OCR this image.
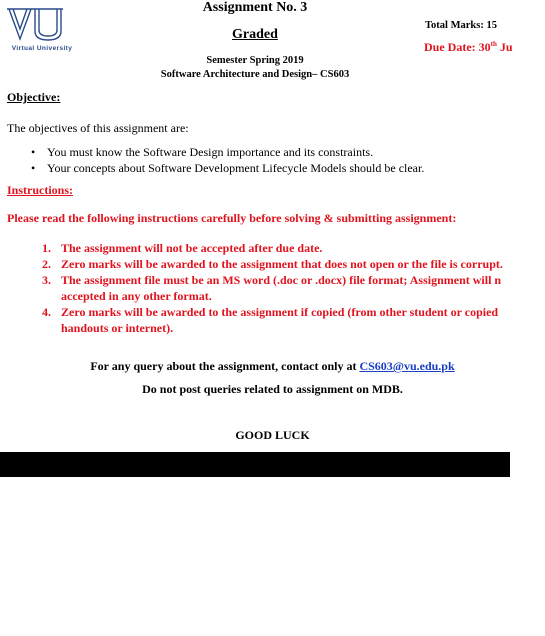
Virtual University
Assignment No. 3
Graded
Total Marks: 15
Due Date: 30th Ju
Semester Spring 2019
Software Architecture and Design– CS603
Objective:
The objectives of this assignment are:
• You must know the Software Design importance and its constraints.
• Your concepts about Software Development Lifecycle Models should be clear.
Instructions:
Please read the following instructions carefully before solving & submitting assignment:
1. The assignment will not be accepted after due date.
2. Zero marks will be awarded to the assignment that does not open or the file is corrupt.
3. The assignment file must be an MS word (.doc or .docx) file format; Assignment will n
accepted in any other format.
4. Zero marks will be awarded to the assignment if copied (from other student or copied
handouts or internet).
For any query about the assignment, contact only at CS603@vu.edu.pk
Do not post queries related to assignment on MDB.
GOOD LUCK
